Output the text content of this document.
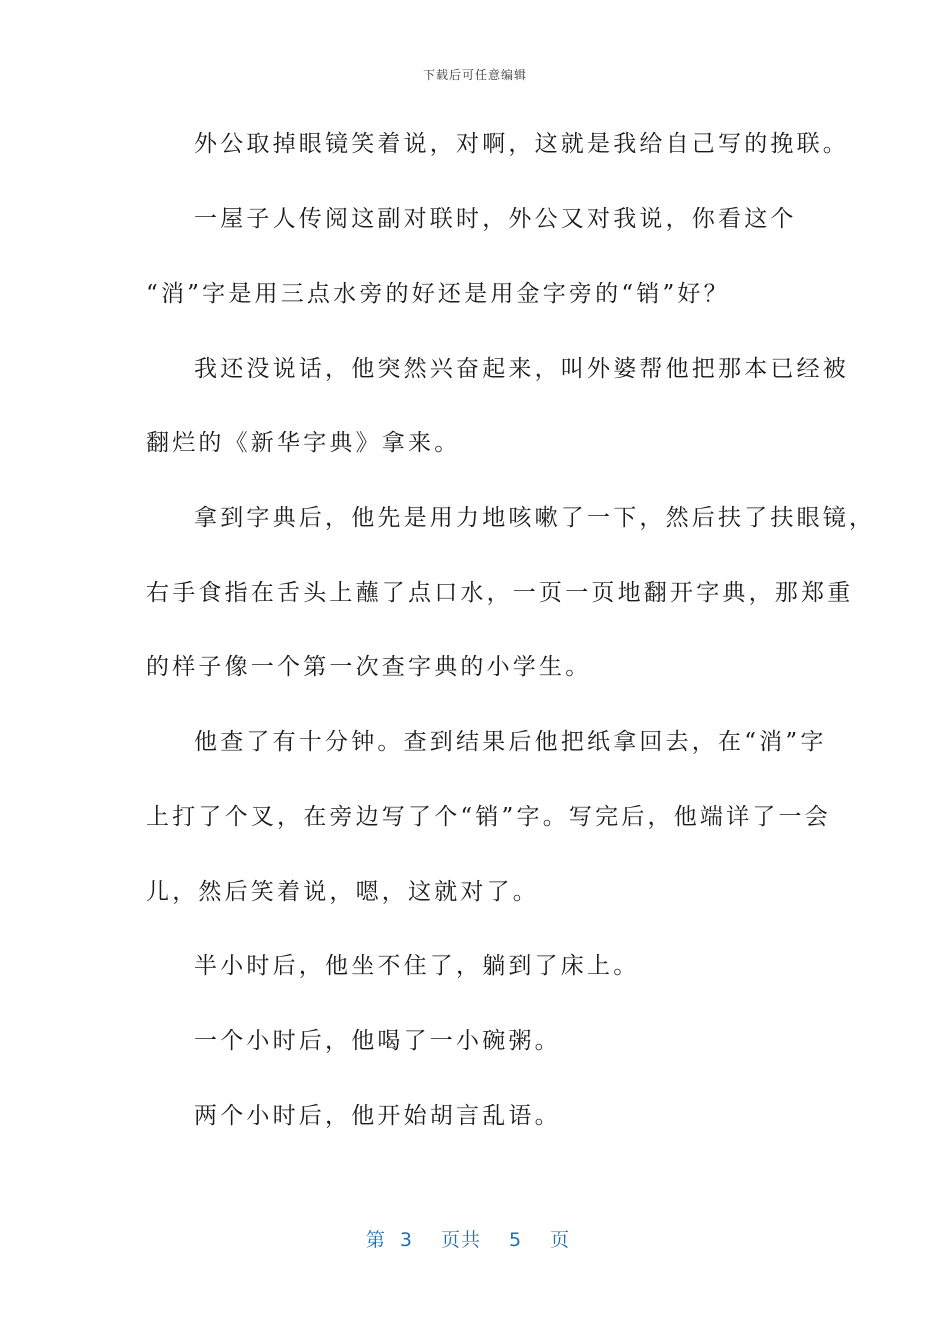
下载后可任意编辑
外公取掉眼镜笑着说，对啊，这就是我给自己写的挽联。
一屋子人传阅这副对联时，外公又对我说，你看这个
“消”字是用三点水旁的好还是用金字旁的“销”好？
我还没说话，他突然兴奋起来，叫外婆帮他把那本已经被
翻烂的《新华字典》拿来。
拿到字典后，他先是用力地咳嗽了一下，然后扶了扶眼镜，
右手食指在舌头上蘸了点口水，一页一页地翻开字典，那郑重
的样子像一个第一次查字典的小学生。
他查了有十分钟。查到结果后他把纸拿回去，在“消”字
上打了个叉，在旁边写了个“销”字。写完后，他端详了一会
儿，然后笑着说，嗯，这就对了。
半小时后，他坐不住了，躺到了床上。
一个小时后，他喝了一小碗粥。
两个小时后，他开始胡言乱语。
第 3 页共 5 页
